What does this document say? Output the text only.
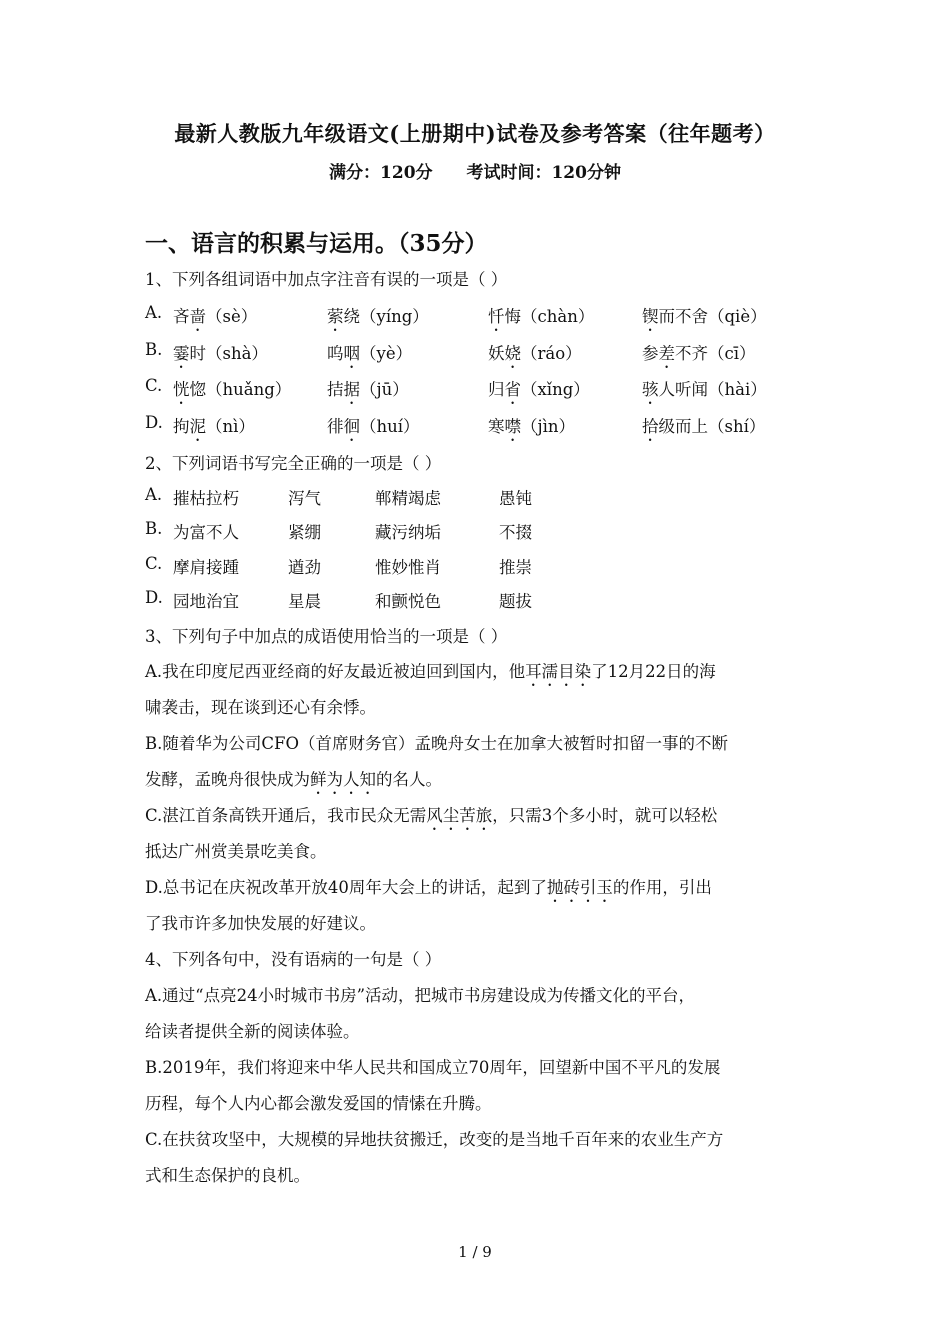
最新人教版九年级语文(上册期中)试卷及参考答案（往年题考）
满分：120分 考试时间：120分钟
一、语言的积累与运用。（35分）
1、下列各组词语中加点字注音有误的一项是（ ）
A. 吝啬（sè）	萦绕（yíng）	忏悔（chàn）	锲而不舍（qiè）
B. 霎时（shà）	呜咽（yè）	妖娆（ráo）	参差不齐（cī）
C. 恍惚（huǎng） 拮据（jū）	归省（xǐng）	骇人听闻（hài）
D. 拘泥（nì）	徘徊（huí）	寒噤（jìn）	拾级而上（shí）
2、下列词语书写完全正确的一项是（ ）
A. 摧枯拉朽	泻气	郸精竭虑	愚钝
B. 为富不人	紧绷	藏污纳垢	不掇
C. 摩肩接踵	遒劲	惟妙惟肖	推崇
D. 园地治宜	星晨	和颤悦色	题拔
3、下列句子中加点的成语使用恰当的一项是（ ）
A.我在印度尼西亚经商的好友最近被迫回到国内，他耳濡目染了12月22日的海
啸袭击，现在谈到还心有余悸。
B.随着华为公司CFO（首席财务官）孟晚舟女士在加拿大被暂时扣留一事的不断
发酵，孟晚舟很快成为鲜为人知的名人。
C.湛江首条高铁开通后，我市民众无需风尘苦旅，只需3个多小时，就可以轻松
抵达广州赏美景吃美食。
D.总书记在庆祝改革开放40周年大会上的讲话，起到了抛砖引玉的作用，引出
了我市许多加快发展的好建议。
4、下列各句中，没有语病的一句是（ ）
A.通过“点亮24小时城市书房”活动，把城市书房建设成为传播文化的平台，
给读者提供全新的阅读体验。
B.2019年，我们将迎来中华人民共和国成立70周年，回望新中国不平凡的发展
历程，每个人内心都会激发爱国的情愫在升腾。
C.在扶贫攻坚中，大规模的异地扶贫搬迁，改变的是当地千百年来的农业生产方
式和生态保护的良机。
1 / 9
